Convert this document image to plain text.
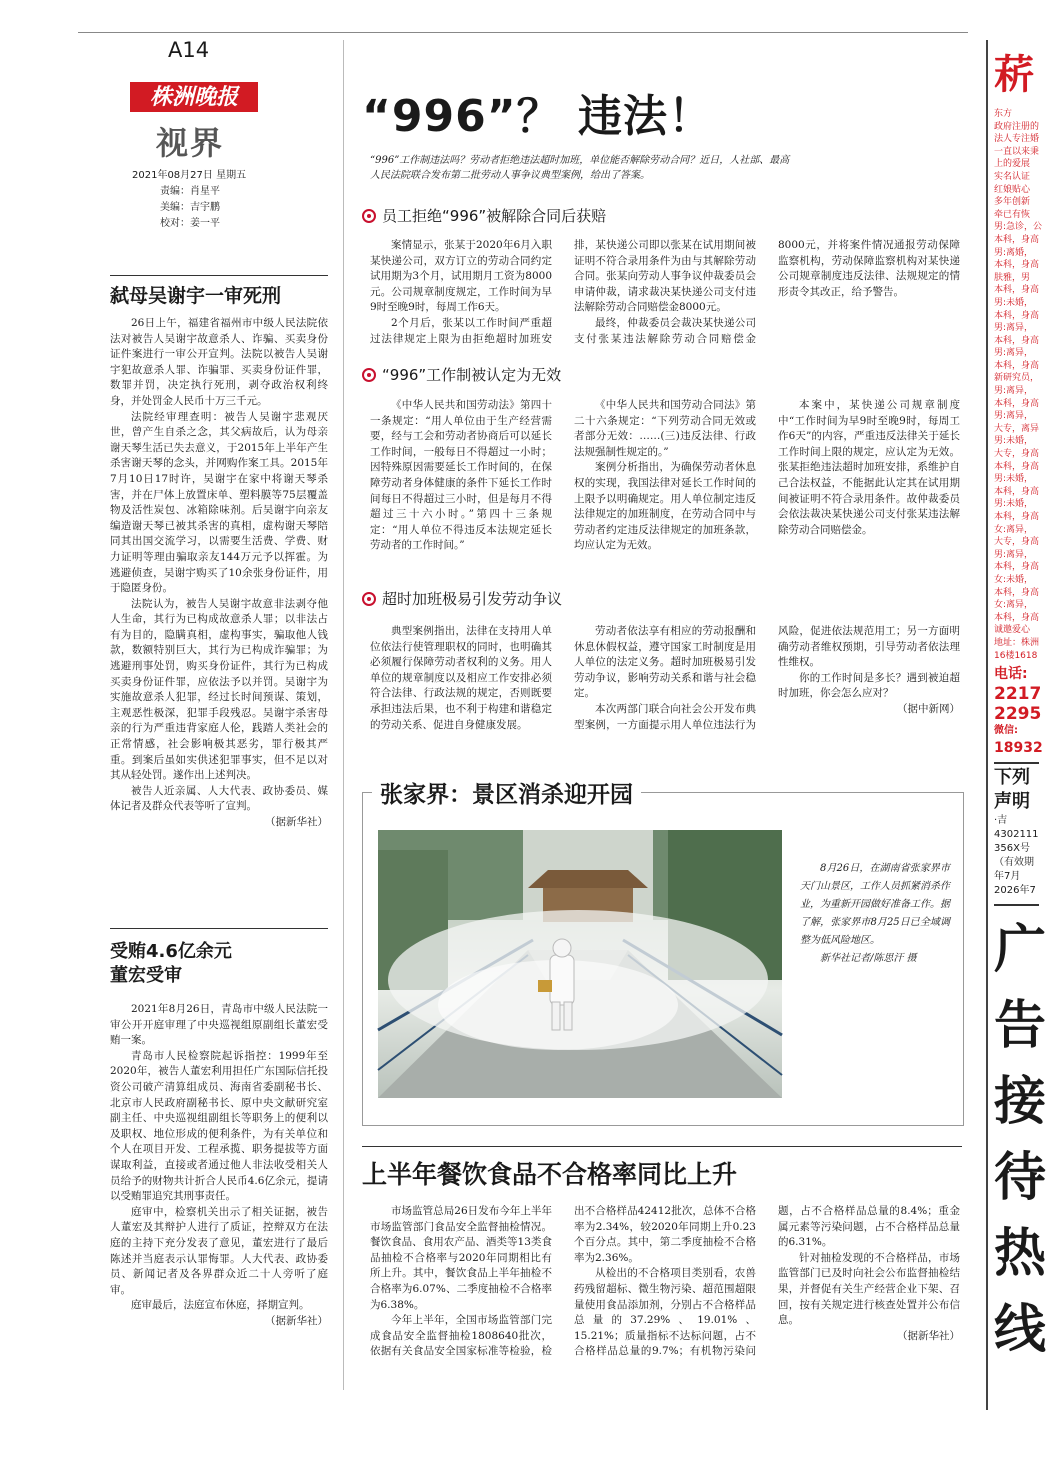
A14
株洲晚报
视界
2021年08月27日 星期五
责编：肖星平
美编：吉宇鹏
校对：姜一平
弑母吴谢宇一审死刑

26日上午，福建省福州市中级人民法院依法对被告人吴谢宇故意杀人、诈骗、买卖身份证件案进行一审公开宣判。法院以被告人吴谢宇犯故意杀人罪、诈骗罪、买卖身份证件罪，数罪并罚，决定执行死刑，剥夺政治权利终身，并处罚金人民币十万三千元。

法院经审理查明：被告人吴谢宇悲观厌世，曾产生自杀之念，其父病故后，认为母亲谢天琴生活已失去意义，于2015年上半年产生杀害谢天琴的念头，并网购作案工具。2015年7月10日17时许，吴谢宇在家中将谢天琴杀害，并在尸体上放置床单、塑料膜等75层覆盖物及活性炭包、冰箱除味剂。后吴谢宇向亲友编造谢天琴已被其杀害的真相，虚构谢天琴陪同其出国交流学习，以需要生活费、学费、财力证明等理由骗取亲友144万元予以挥霍。为逃避侦查，吴谢宇购买了10余张身份证件，用于隐匿身份。

法院认为，被告人吴谢宇故意非法剥夺他人生命，其行为已构成故意杀人罪；以非法占有为目的，隐瞒真相，虚构事实，骗取他人钱款，数额特别巨大，其行为已构成诈骗罪；为逃避刑事处罚，购买身份证件，其行为已构成买卖身份证件罪，应依法予以并罚。吴谢宇为实施故意杀人犯罪，经过长时间预谋、策划，主观恶性极深，犯罪手段残忍。吴谢宇杀害母亲的行为严重违背家庭人伦，践踏人类社会的正常情感，社会影响极其恶劣，罪行极其严重。到案后虽如实供述犯罪事实，但不足以对其从轻处罚。遂作出上述判决。

被告人近亲属、人大代表、政协委员、媒体记者及群众代表等听了宣判。

（据新华社）

受贿4.6亿余元
董宏受审

2021年8月26日，青岛市中级人民法院一审公开开庭审理了中央巡视组原副组长董宏受贿一案。

青岛市人民检察院起诉指控：1999年至2020年，被告人董宏利用担任广东国际信托投资公司破产清算组成员、海南省委副秘书长、北京市人民政府副秘书长、原中央文献研究室副主任、中央巡视组副组长等职务上的便利以及职权、地位形成的便利条件，为有关单位和个人在项目开发、工程承揽、职务提拔等方面谋取利益，直接或者通过他人非法收受相关人员给予的财物共计折合人民币4.6亿余元，提请以受贿罪追究其刑事责任。

庭审中，检察机关出示了相关证据，被告人董宏及其辩护人进行了质证，控辩双方在法庭的主持下充分发表了意见，董宏进行了最后陈述并当庭表示认罪悔罪。人大代表、政协委员、新闻记者及各界群众近二十人旁听了庭审。

庭审最后，法庭宣布休庭，择期宣判。

（据新华社）

“996”？ 违法！
“996”工作制违法吗？劳动者拒绝违法超时加班，单位能否解除劳动合同？近日，人社部、最高人民法院联合发布第二批劳动人事争议典型案例，给出了答案。
员工拒绝“996”被解除合同后获赔

案情显示，张某于2020年6月入职某快递公司，双方订立的劳动合同约定试用期为3个月，试用期月工资为8000元。公司规章制度规定，工作时间为早9时至晚9时，每周工作6天。

2个月后，张某以工作时间严重超过法律规定上限为由拒绝超时加班安排，某快递公司即以张某在试用期间被证明不符合录用条件为由与其解除劳动合同。张某向劳动人事争议仲裁委员会申请仲裁，请求裁决某快递公司支付违法解除劳动合同赔偿金8000元。

最终，仲裁委员会裁决某快递公司支付张某违法解除劳动合同赔偿金8000元，并将案件情况通报劳动保障监察机构，劳动保障监察机构对某快递公司规章制度违反法律、法规规定的情形责令其改正，给予警告。

“996”工作制被认定为无效

《中华人民共和国劳动法》第四十一条规定：“用人单位由于生产经营需要，经与工会和劳动者协商后可以延长工作时间，一般每日不得超过一小时；因特殊原因需要延长工作时间的，在保障劳动者身体健康的条件下延长工作时间每日不得超过三小时，但是每月不得超过三十六小时。”第四十三条规定：“用人单位不得违反本法规定延长劳动者的工作时间。”

《中华人民共和国劳动合同法》第二十六条规定：“下列劳动合同无效或者部分无效：……(三)违反法律、行政法规强制性规定的。”

案例分析指出，为确保劳动者休息权的实现，我国法律对延长工作时间的上限予以明确规定。用人单位制定违反法律规定的加班制度，在劳动合同中与劳动者约定违反法律规定的加班条款，均应认定为无效。

本案中，某快递公司规章制度中“工作时间为早9时至晚9时，每周工作6天”的内容，严重违反法律关于延长工作时间上限的规定，应认定为无效。张某拒绝违法超时加班安排，系维护自己合法权益，不能据此认定其在试用期间被证明不符合录用条件。故仲裁委员会依法裁决某快递公司支付张某违法解除劳动合同赔偿金。

超时加班极易引发劳动争议

典型案例指出，法律在支持用人单位依法行使管理职权的同时，也明确其必须履行保障劳动者权利的义务。用人单位的规章制度以及相应工作安排必须符合法律、行政法规的规定，否则既要承担违法后果，也不利于构建和谐稳定的劳动关系、促进自身健康发展。

劳动者依法享有相应的劳动报酬和休息休假权益，遵守国家工时制度是用人单位的法定义务。超时加班极易引发劳动争议，影响劳动关系和谐与社会稳定。

本次两部门联合向社会公开发布典型案例，一方面提示用人单位违法行为风险，促进依法规范用工；另一方面明确劳动者维权预期，引导劳动者依法理性维权。

你的工作时间是多长？遇到被迫超时加班，你会怎么应对？

（据中新网）

张家界：景区消杀迎开园
8月26日，在湖南省张家界市天门山景区，工作人员抓紧消杀作业，为重新开园做好准备工作。据了解，张家界市8月25日已全域调整为低风险地区。
新华社记者/陈思汗 摄
上半年餐饮食品不合格率同比上升

市场监管总局26日发布今年上半年市场监管部门食品安全监督抽检情况。餐饮食品、食用农产品、酒类等13类食品抽检不合格率与2020年同期相比有所上升。其中，餐饮食品上半年抽检不合格率为6.07%、二季度抽检不合格率为6.38%。

今年上半年，全国市场监管部门完成食品安全监督抽检1808640批次，依据有关食品安全国家标准等检验，检出不合格样品42412批次，总体不合格率为2.34%，较2020年同期上升0.23个百分点。其中，第二季度抽检不合格率为2.36%。

从检出的不合格项目类别看，农兽药残留超标、微生物污染、超范围超限量使用食品添加剂，分别占不合格样品总量的37.29%、19.01%、15.21%；质量指标不达标问题，占不合格样品总量的9.7%；有机物污染问题，占不合格样品总量的8.4%；重金属元素等污染问题，占不合格样品总量的6.31%。

针对抽检发现的不合格样品，市场监管部门已及时向社会公布监督抽检结果，并督促有关生产经营企业下架、召回，按有关规定进行核查处置并公布信息。

（据新华社）

菥
东方
政府注册的
法人专注婚
一直以来秉
上的爱展
实名认证
红娘贴心
多年创新
牵已有恢
男:急诊，公
本科，身高
男:离婚，
本科，身高
肤雅，男
本科，身高
男:未婚，
本科，身高
男:离异，
本科，身高
男:离异，
本科，身高
新研究员，
男:离异，
本科，身高
男:离异，
大专，离异
男:未婚，
大专，身高
本科，身高
男:未婚，
本科，身高
男:未婚，
本科，身高
女:离异，
大专，身高
男:离异，
本科，身高
女:未婚，
本科，身高
女:离异，
本科，身高
诚邀爱心
地址：株洲
16楼1618
电话:
2217
2295
微信:
18932
下列
声明
·吉
4302111
356X号
（有效期
年7月
2026年7
广
告
接
待
热
线
